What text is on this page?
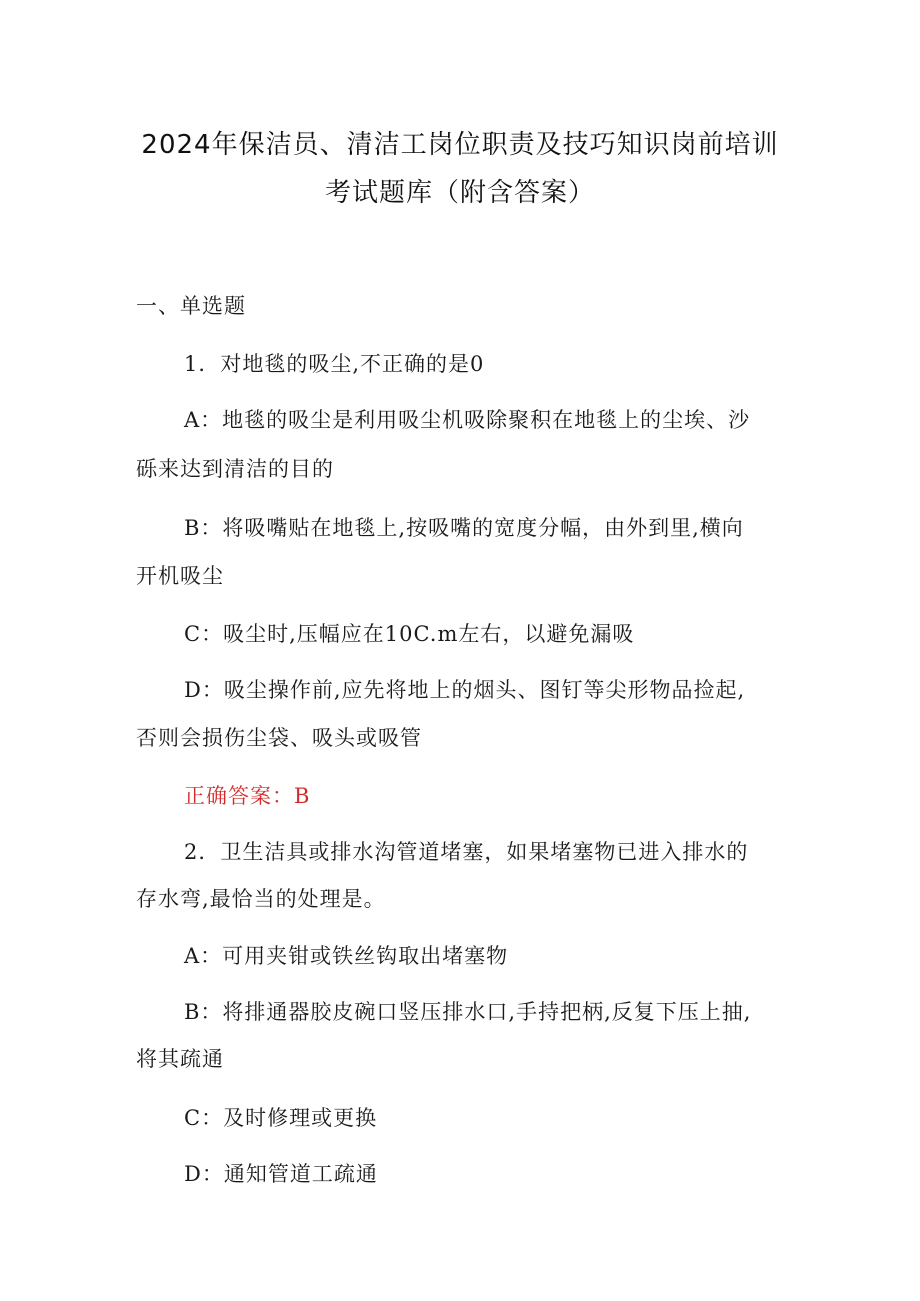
2024年保洁员、清洁工岗位职责及技巧知识岗前培训
考试题库（附含答案）
一、单选题
1．对地毯的吸尘,不正确的是0
A：地毯的吸尘是利用吸尘机吸除聚积在地毯上的尘埃、沙
砾来达到清洁的目的
B：将吸嘴贴在地毯上,按吸嘴的宽度分幅，由外到里,横向
开机吸尘
C：吸尘时,压幅应在10C.m左右，以避免漏吸
D：吸尘操作前,应先将地上的烟头、图钉等尖形物品捡起,
否则会损伤尘袋、吸头或吸管
正确答案：B
2．卫生洁具或排水沟管道堵塞，如果堵塞物已进入排水的
存水弯,最恰当的处理是。
A：可用夹钳或铁丝钩取出堵塞物
B：将排通器胶皮碗口竖压排水口,手持把柄,反复下压上抽,
将其疏通
C：及时修理或更换
D：通知管道工疏通
